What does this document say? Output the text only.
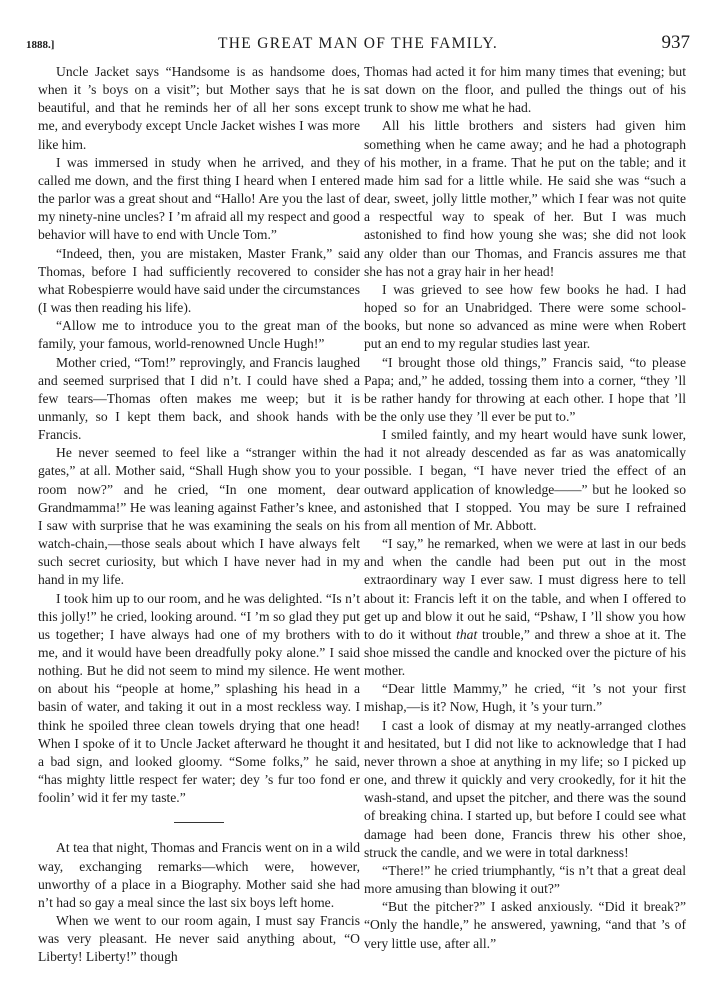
1888.]	THE GREAT MAN OF THE FAMILY.	937

Uncle Jacket says “Handsome is as handsome does, when it ’s boys on a visit”; but Mother says that he is beautiful, and that he reminds her of all her sons except me, and everybody except Uncle Jacket wishes I was more like him.

I was immersed in study when he arrived, and they called me down, and the first thing I heard when I entered the parlor was a great shout and “Hallo! Are you the last of my ninety-nine uncles? I ’m afraid all my respect and good behavior will have to end with Uncle Tom.”

“Indeed, then, you are mistaken, Master Frank,” said Thomas, before I had sufficiently recovered to consider what Robespierre would have said under the circumstances (I was then reading his life).

“Allow me to introduce you to the great man of the family, your famous, world-renowned Uncle Hugh!”

Mother cried, “Tom!” reprovingly, and Francis laughed and seemed surprised that I did n’t. I could have shed a few tears—Thomas often makes me weep; but it is unmanly, so I kept them back, and shook hands with Francis.

He never seemed to feel like a “stranger within the gates,” at all. Mother said, “Shall Hugh show you to your room now?” and he cried, “In one moment, dear Grandmamma!” He was leaning against Father’s knee, and I saw with surprise that he was examining the seals on his watch-chain,—those seals about which I have always felt such secret curiosity, but which I have never had in my hand in my life.

I took him up to our room, and he was delighted. “Is n’t this jolly!” he cried, looking around. “I ’m so glad they put us together; I have always had one of my brothers with me, and it would have been dreadfully poky alone.” I said nothing. But he did not seem to mind my silence. He went on about his “people at home,” splashing his head in a basin of water, and taking it out in a most reckless way. I think he spoiled three clean towels drying that one head! When I spoke of it to Uncle Jacket afterward he thought it a bad sign, and looked gloomy. “Some folks,” he said, “has mighty little respect fer water; dey ’s fur too fond er foolin’ wid it fer my taste.”

At tea that night, Thomas and Francis went on in a wild way, exchanging remarks—which were, however, unworthy of a place in a Biography. Mother said she had n’t had so gay a meal since the last six boys left home.

When we went to our room again, I must say Francis was very pleasant. He never said anything about, “O Liberty! Liberty!” though

Thomas had acted it for him many times that evening; but sat down on the floor, and pulled the things out of his trunk to show me what he had.

All his little brothers and sisters had given him something when he came away; and he had a photograph of his mother, in a frame. That he put on the table; and it made him sad for a little while. He said she was “such a dear, sweet, jolly little mother,” which I fear was not quite a respectful way to speak of her. But I was much astonished to find how young she was; she did not look any older than our Thomas, and Francis assures me that she has not a gray hair in her head!

I was grieved to see how few books he had. I had hoped so for an Unabridged. There were some school-books, but none so advanced as mine were when Robert put an end to my regular studies last year.

“I brought those old things,” Francis said, “to please Papa; and,” he added, tossing them into a corner, “they ’ll be rather handy for throwing at each other. I hope that ’ll be the only use they ’ll ever be put to.”

I smiled faintly, and my heart would have sunk lower, had it not already descended as far as was anatomically possible. I began, “I have never tried the effect of an outward application of knowledge——” but he looked so astonished that I stopped. You may be sure I refrained from all mention of Mr. Abbott.

“I say,” he remarked, when we were at last in our beds and when the candle had been put out in the most extraordinary way I ever saw. I must digress here to tell about it: Francis left it on the table, and when I offered to get up and blow it out he said, “Pshaw, I ’ll show you how to do it without that trouble,” and threw a shoe at it. The shoe missed the candle and knocked over the picture of his mother.

“Dear little Mammy,” he cried, “it ’s not your first mishap,—is it? Now, Hugh, it ’s your turn.”

I cast a look of dismay at my neatly-arranged clothes and hesitated, but I did not like to acknowledge that I had never thrown a shoe at anything in my life; so I picked up one, and threw it quickly and very crookedly, for it hit the wash-stand, and upset the pitcher, and there was the sound of breaking china. I started up, but before I could see what damage had been done, Francis threw his other shoe, struck the candle, and we were in total darkness!

“There!” he cried triumphantly, “is n’t that a great deal more amusing than blowing it out?”

“But the pitcher?” I asked anxiously. “Did it break?” “Only the handle,” he answered, yawning, “and that ’s of very little use, after all.”
